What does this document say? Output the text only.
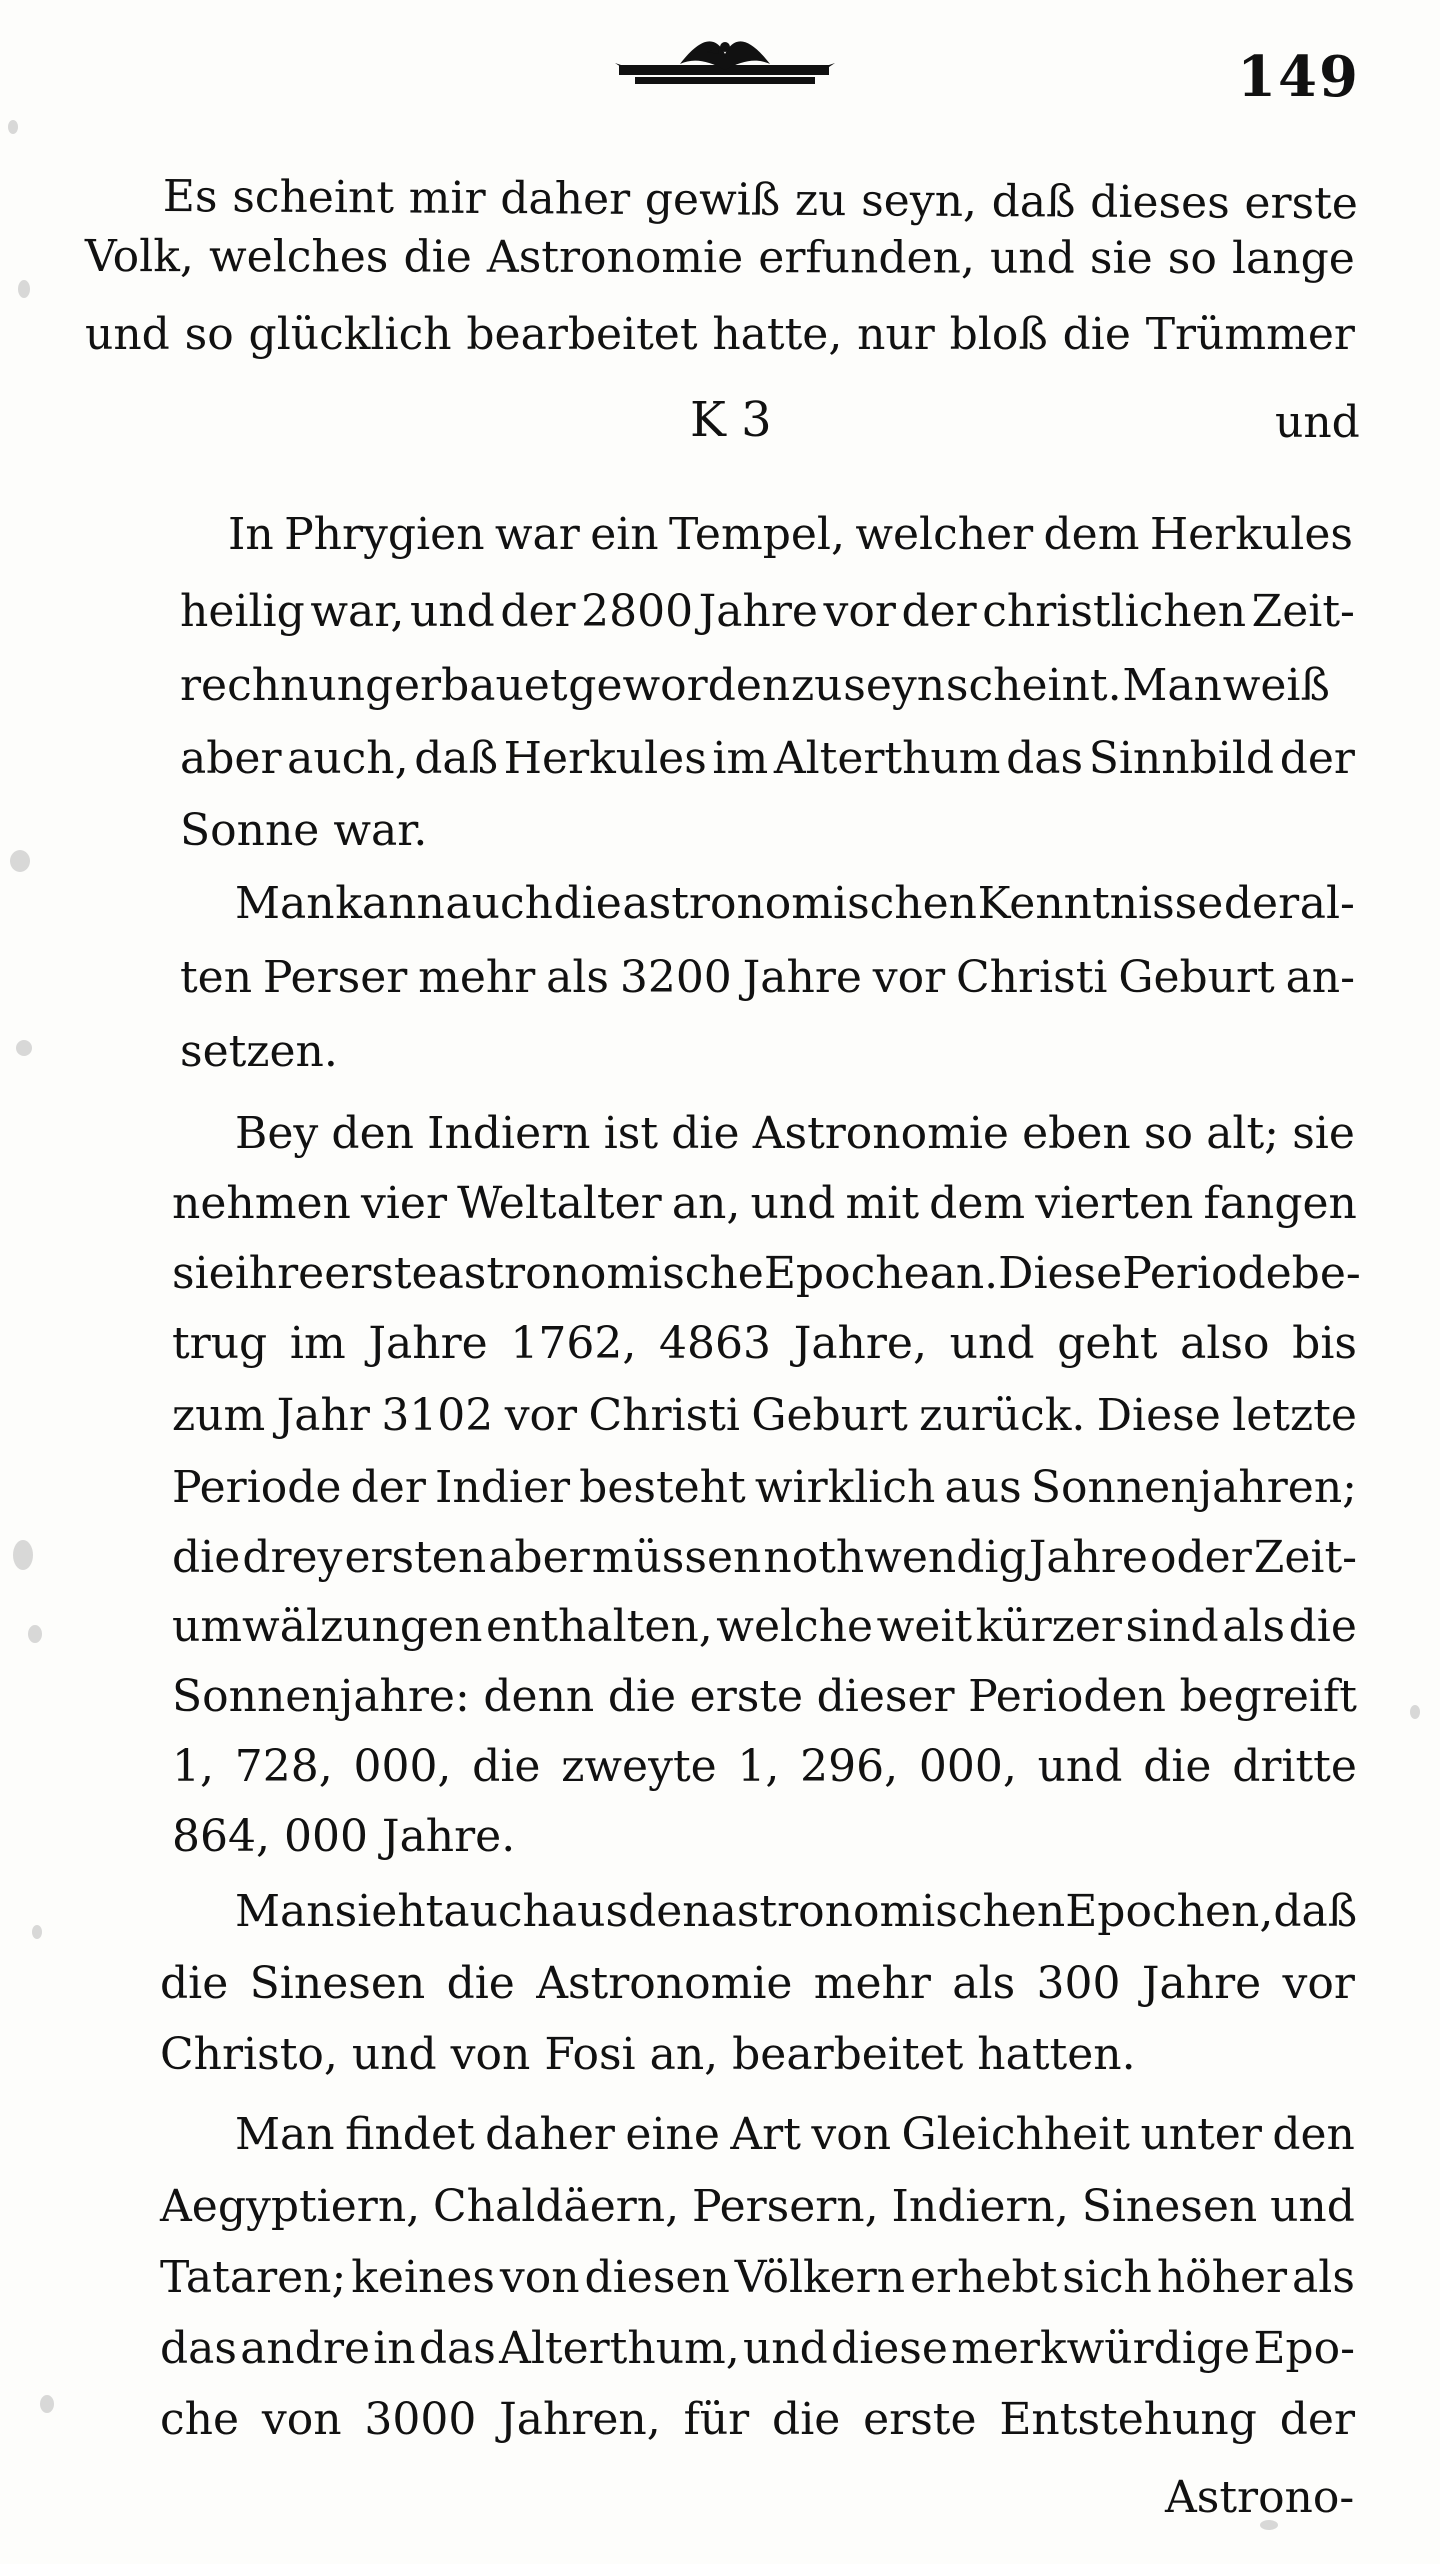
149
Es scheint mir daher gewiß zu seyn, daß dieses erste
Volk, welches die Astronomie erfunden, und sie so lange
und so glücklich bearbeitet hatte, nur bloß die Trümmer
K 3	und
In Phrygien war ein Tempel, welcher dem Herkules
heilig war, und der 2800 Jahre vor der christlichen Zeit-
rechnung erbauet geworden zu seyn scheint. Man weiß
aber auch, daß Herkules im Alterthum das Sinnbild der
Sonne war.
Man kann auch die astronomischen Kenntnisse der al-
ten Perser mehr als 3200 Jahre vor Christi Geburt an-
setzen.
Bey den Indiern ist die Astronomie eben so alt; sie
nehmen vier Weltalter an, und mit dem vierten fangen
sie ihre erste astronomische Epoche an. Diese Periode be-
trug im Jahre 1762, 4863 Jahre, und geht also bis
zum Jahr 3102 vor Christi Geburt zurück. Diese letzte
Periode der Indier besteht wirklich aus Sonnenjahren;
die drey ersten aber müssen nothwendig Jahre oder Zeit-
umwälzungen enthalten, welche weit kürzer sind als die
Sonnenjahre: denn die erste dieser Perioden begreift
1, 728, 000, die zweyte 1, 296, 000, und die dritte
864, 000 Jahre.
Man sieht auch aus den astronomischen Epochen, daß
die Sinesen die Astronomie mehr als 300 Jahre vor
Christo, und von Fosi an, bearbeitet hatten.
Man findet daher eine Art von Gleichheit unter den
Aegyptiern, Chaldäern, Persern, Indiern, Sinesen und
Tataren; keines von diesen Völkern erhebt sich höher als
das andre in das Alterthum, und diese merkwürdige Epo-
che von 3000 Jahren, für die erste Entstehung der
Astrono-
